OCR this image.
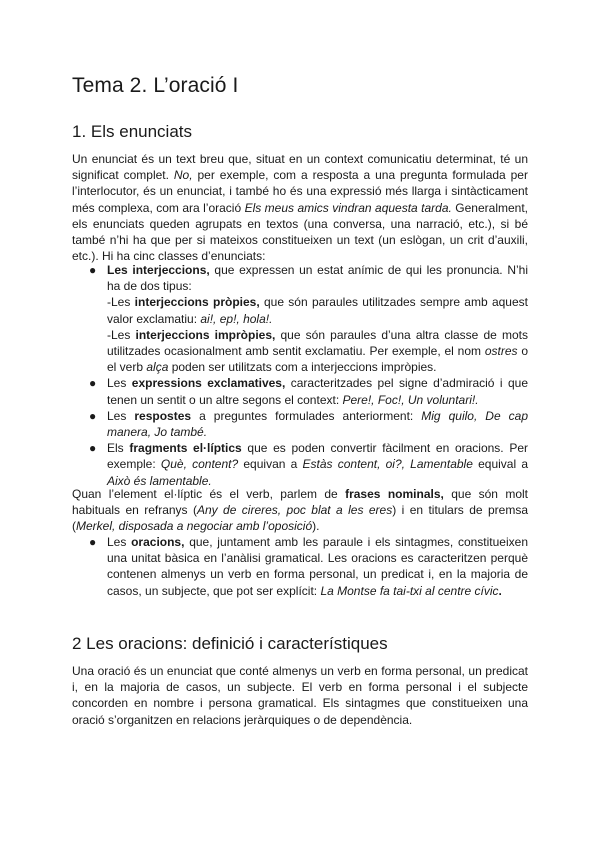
Tema 2. L’oració I
1. Els enunciats

Un enunciat és un text breu que, situat en un context comunicatiu determinat, té un significat complet. No, per exemple, com a resposta a una pregunta formulada per l’interlocutor, és un enunciat, i també ho és una expressió més llarga i sintàcticament més complexa, com ara l’oració Els meus amics vindran aquesta tarda. Generalment, els enunciats queden agrupats en textos (una conversa, una narració, etc.), si bé també n’hi ha que per si mateixos constitueixen un text (un eslògan, un crit d’auxili, etc.). Hi ha cinc classes d’enunciats:

● Les interjeccions, que expressen un estat anímic de qui les pronuncia. N’hi ha de dos tipus:
-Les interjeccions pròpies, que són paraules utilitzades sempre amb aquest valor exclamatiu: ai!, ep!, hola!.
-Les interjeccions impròpies, que són paraules d’una altra classe de mots utilitzades ocasionalment amb sentit exclamatiu. Per exemple, el nom ostres o el verb alça poden ser utilitzats com a interjeccions impròpies.
● Les expressions exclamatives, caracteritzades pel signe d’admiració i que tenen un sentit o un altre segons el context: Pere!, Foc!, Un voluntari!.
● Les respostes a preguntes formulades anteriorment: Mig quilo, De cap manera, Jo també.
● Els fragments el·líptics que es poden convertir fàcilment en oracions. Per exemple: Què, content? equivan a Estàs content, oi?, Lamentable equival a Això és lamentable.

Quan l’element el·líptic és el verb, parlem de frases nominals, que són molt habituals en refranys (Any de cireres, poc blat a les eres) i en titulars de premsa (Merkel, disposada a negociar amb l’oposició).

● Les oracions, que, juntament amb les paraule i els sintagmes, constitueixen una unitat bàsica en l’anàlisi gramatical. Les oracions es caracteritzen perquè contenen almenys un verb en forma personal, un predicat i, en la majoria de casos, un subjecte, que pot ser explícit: La Montse fa tai-txi al centre cívic.
2 Les oracions: definició i característiques

Una oració és un enunciat que conté almenys un verb en forma personal, un predicat i, en la majoria de casos, un subjecte. El verb en forma personal i el subjecte concorden en nombre i persona gramatical. Els sintagmes que constitueixen una oració s’organitzen en relacions jeràrquiques o de dependència.
